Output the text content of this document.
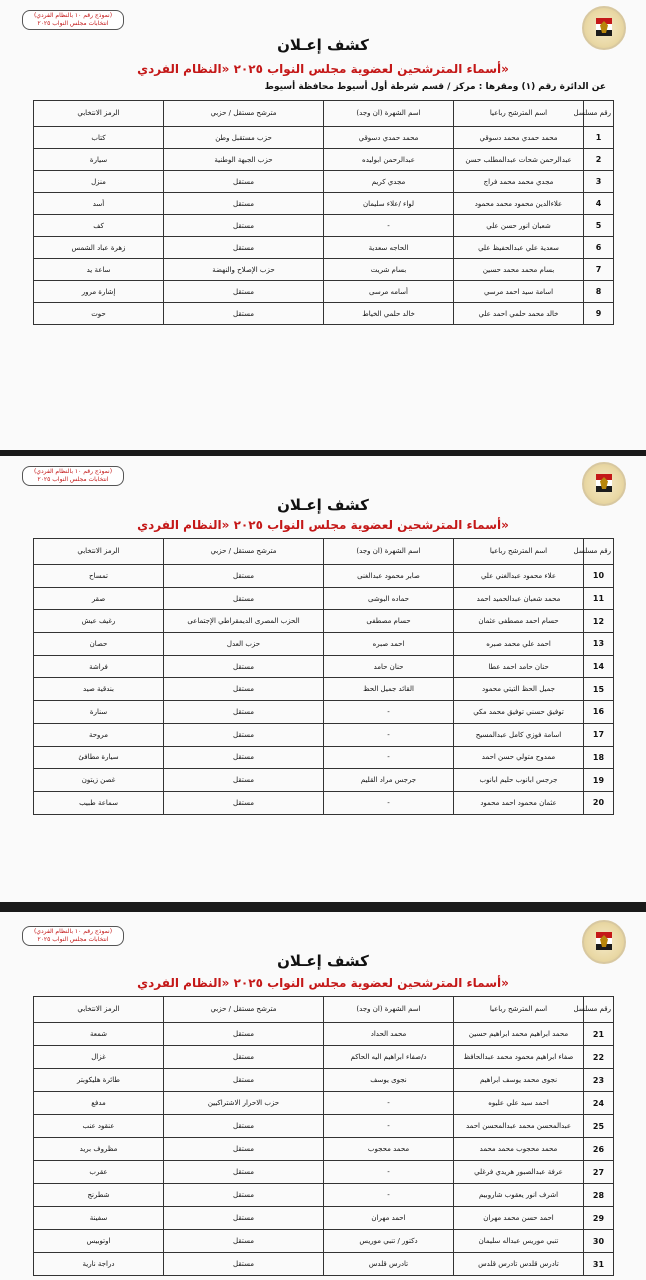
(نموذج رقم ١٠ بالنظام الفردي)
انتخابات مجلس النواب ٢٠٢٥
كشف إعـلان
أسماء المترشحين لعضوية مجلس النواب ٢٠٢٥ «النظام الفردي»
عن الدائرة رقم (١) ومقرها : مركز / قسم شرطة أول أسيوط محافظة أسيوط
رقم مسلسل	اسم المترشح رباعيا	اسم الشهرة (ان وجد)	مترشح مستقل / حزبي	الرمز الانتخابي
1	محمد حمدي محمد دسوقي	محمد حمدي دسوقي	حزب مستقبل وطن	كتاب
2	عبدالرحمن شحات عبدالمطلب حسن	عبدالرحمن ابوليده	حزب الجبهة الوطنية	سيارة
3	مجدي محمد محمد فراج	مجدي كريم	مستقل	منزل
4	علاءالدين محمود محمد محمود	لواء /علاء سليمان	مستقل	أسد
5	شعبان انور حسن علي	-	مستقل	كف
6	سعدية علي عبدالحفيظ علي	الحاجه سعدية	مستقل	زهرة عباد الشمس
7	بسام محمد محمد حسين	بسام شريت	حزب الإصلاح والنهضة	ساعة يد
8	اسامة سيد احمد مرسي	أسامه مرسى	مستقل	إشارة مرور
9	خالد محمد حلمي احمد علي	خالد حلمي الخياط	مستقل	حوت
(نموذج رقم ١٠ بالنظام الفردي)
انتخابات مجلس النواب ٢٠٢٥
كشف إعـلان
أسماء المترشحين لعضوية مجلس النواب ٢٠٢٥ «النظام الفردي»
رقم مسلسل	اسم المترشح رباعيا	اسم الشهرة (ان وجد)	مترشح مستقل / حزبي	الرمز الانتخابي
10	علاء محمود عبدالغني علي	صابر محمود عبدالغنى	مستقل	تمساح
11	محمد شعبان عبدالحميد احمد	حماده البوشى	مستقل	صقر
12	حسام احمد مصطفى عثمان	حسام مصطفى	الحزب المصرى الديمقراطي الإجتماعى	رغيف عيش
13	احمد علي محمد صبره	احمد صبره	حزب العدل	حصان
14	حنان حامد احمد عطا	حنان حامد	مستقل	فراشة
15	جميل الحظ التيتي محمود	القائد جميل الحظ	مستقل	بندقية صيد
16	توفيق حسني توفيق محمد مكي	-	مستقل	سنارة
17	اسامة فوزي كامل عبدالمسيح	-	مستقل	مروحة
18	ممدوح متولي حسن احمد	-	مستقل	سيارة مطافئ
19	جرجس ابانوب حليم ابانوب	جرجس مراد القليم	مستقل	غصن زيتون
20	عثمان محمود احمد محمود	-	مستقل	سماعة طبيب
(نموذج رقم ١٠ بالنظام الفردي)
انتخابات مجلس النواب ٢٠٢٥
كشف إعـلان
أسماء المترشحين لعضوية مجلس النواب ٢٠٢٥ «النظام الفردي»
رقم مسلسل	اسم المترشح رباعيا	اسم الشهرة (ان وجد)	مترشح مستقل / حزبي	الرمز الانتخابي
21	محمد ابراهيم محمد ابراهيم حسين	محمد الحداد	مستقل	شمعة
22	صفاء ابراهيم محمود محمد عبدالحافظ	د/صفاء ابراهيم اليه الحاكم	مستقل	غزال
23	نجوى محمد يوسف ابراهيم	نجوى يوسف	مستقل	طائرة هليكوبتر
24	احمد سيد علي عليوه	-	حزب الاحرار الاشتراكيين	مدفع
25	عبدالمحسن محمد عبدالمحسن احمد	-	مستقل	عنقود عنب
26	محمد محجوب محمد محمد	محمد محجوب	مستقل	مظروف بريد
27	عرفة عبدالصبور هريدي فرغلي	-	مستقل	عقرب
28	اشرف انور يعقوب شاروبيم	-	مستقل	شطرنج
29	احمد حسن محمد مهران	احمد مهران	مستقل	سفينة
30	تنبي موريس عبداله سليمان	دكتور / تنبي موريس	مستقل	اوتوبيس
31	تادرس قلدس تادرس قلدس	تادرس قلدس	مستقل	دراجة نارية
